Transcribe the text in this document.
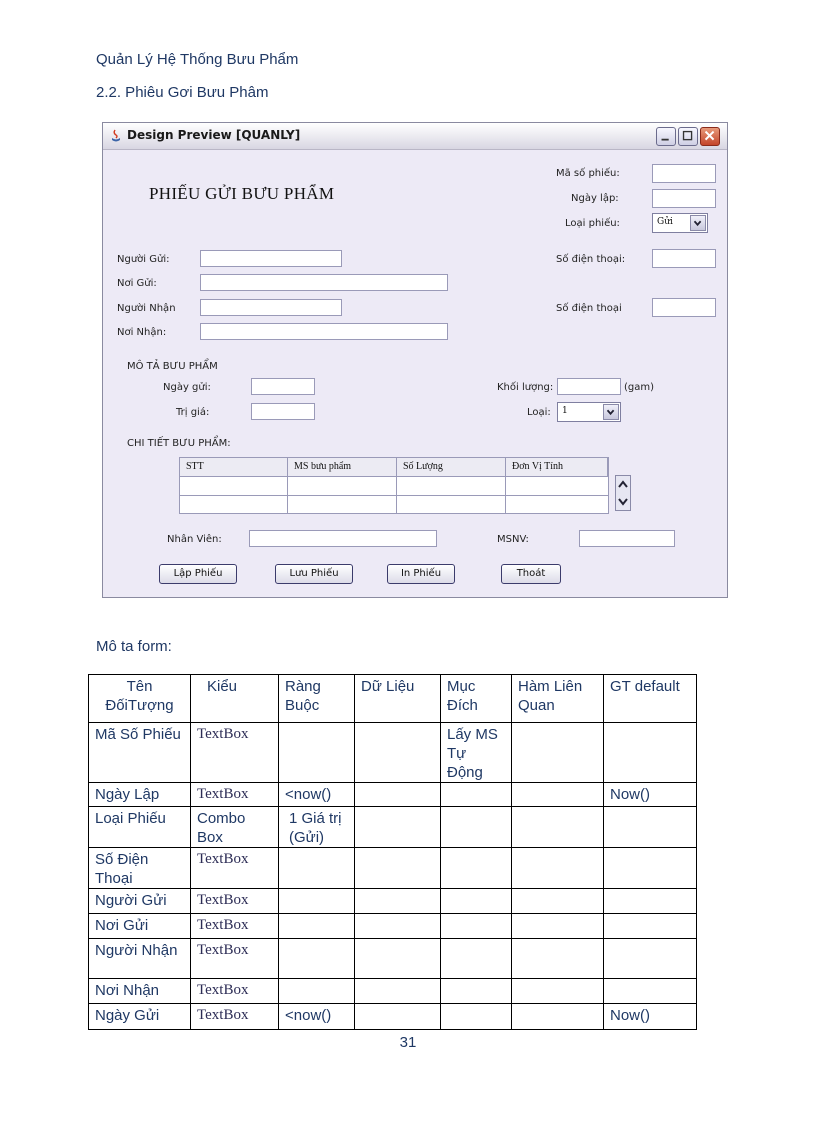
Quản Lý Hệ Thống Bưu Phẩm
2.2. Phiêu Gơi Bưu Phâm
Design Preview [QUANLY]
PHIẾU GỬI BƯU PHẨM
Mã số phiếu:
Ngày lập:
Loại phiếu:	Gửi
Người Gửi:	Số điện thoại:
Nơi Gửi:
Người Nhận	Số điện thoại
Nơi Nhận:
MÔ TẢ BƯU PHẨM
Ngày gửi:	Khối lượng:	(gam)
Trị giá:	Loại: 1
CHI TIẾT BƯU PHẨM:
STT	MS bưu phẩm	Số Lượng	Đơn Vị Tính
Nhân Viên:	MSNV:
Lập Phiếu	Lưu Phiếu	In Phiếu	Thoát
Mô ta form:
Tên ĐốiTượng	Kiểu	Ràng Buộc	Dữ Liệu	Mục Đích	Hàm Liên Quan	GT default
Mã Số Phiếu	TextBox			Lấy MS Tự Động		
Ngày Lập	TextBox	<now()				Now()
Loại Phiếu	Combo Box	1 Giá trị (Gửi)				
Số Điện Thoại	TextBox					
Người Gửi	TextBox					
Nơi Gửi	TextBox					
Người Nhận	TextBox					
Nơi Nhận	TextBox					
Ngày Gửi	TextBox	<now()				Now()
31
